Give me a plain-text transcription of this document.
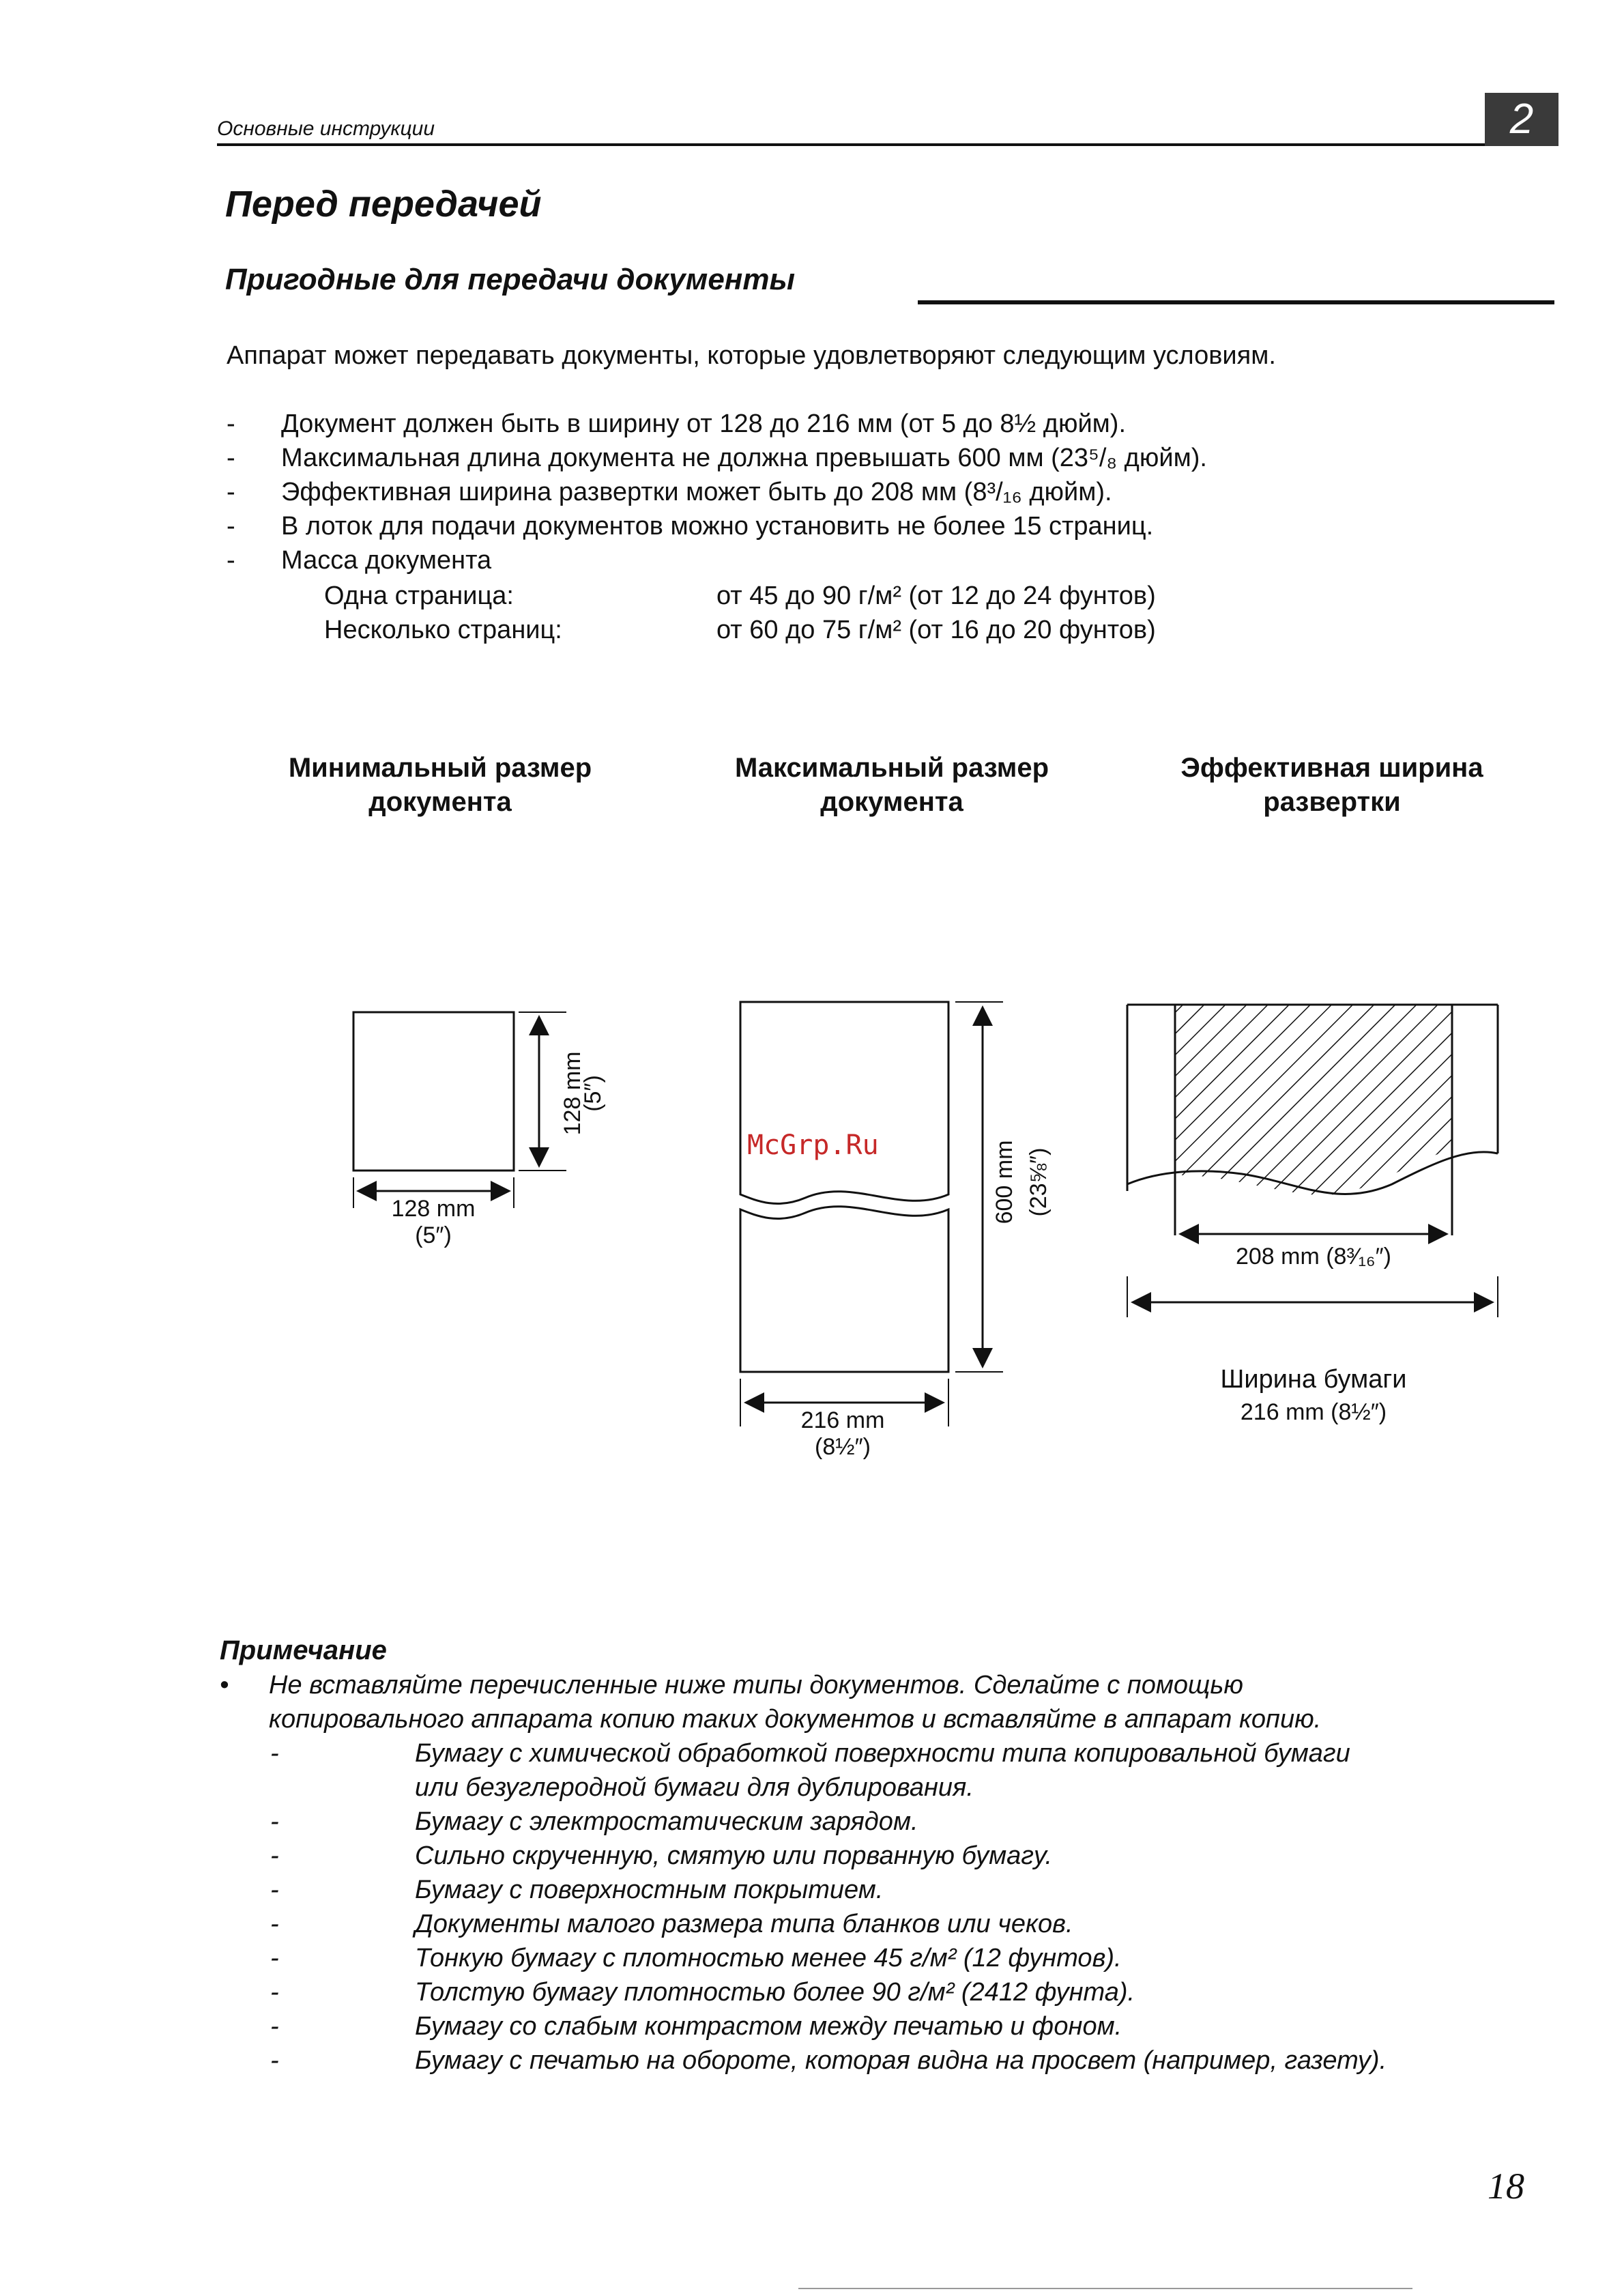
Основные инструкции	2
Перед передачей
Пригодные для передачи документы
Аппарат может передавать документы, которые удовлетворяют следующим условиям.
- Документ должен быть в ширину от 128 до 216 мм (от 5 до 8½ дюйм).
- Максимальная длина документа не должна превышать 600 мм (23⁵/₈ дюйм).
- Эффективная ширина развертки может быть до 208 мм (8³/₁₆ дюйм).
- В лоток для подачи документов можно установить не более 15 страниц.
- Масса документа
Одна страница:	от 45 до 90 г/м² (от 12 до 24 фунтов)
Несколько страниц:	от 60 до 75 г/м² (от 16 до 20 фунтов)
Минимальный размер
документа
Максимальный размер
документа
Эффективная ширина
развертки
128 mm
(5″)
128 mm
(5″)
216 mm
(8½″)
600 mm (23⅝″)
208 mm (8³⁄₁₆″)
Ширина бумаги
216 mm (8½″)
McGrp.Ru
Примечание
• Не вставляйте перечисленные ниже типы документов. Сделайте с помощью
копировального аппарата копию таких документов и вставляйте в аппарат копию.
-	Бумагу с химической обработкой поверхности типа копировальной бумаги
или безуглеродной бумаги для дублирования.
-	Бумагу с электростатическим зарядом.
-	Сильно скрученную, смятую или порванную бумагу.
-	Бумагу с поверхностным покрытием.
-	Документы малого размера типа бланков или чеков.
-	Тонкую бумагу с плотностью менее 45 г/м² (12 фунтов).
-	Толстую бумагу плотностью более 90 г/м² (2412 фунта).
-	Бумагу со слабым контрастом между печатью и фоном.
-	Бумагу с печатью на обороте, которая видна на просвет (например, газету).
18
